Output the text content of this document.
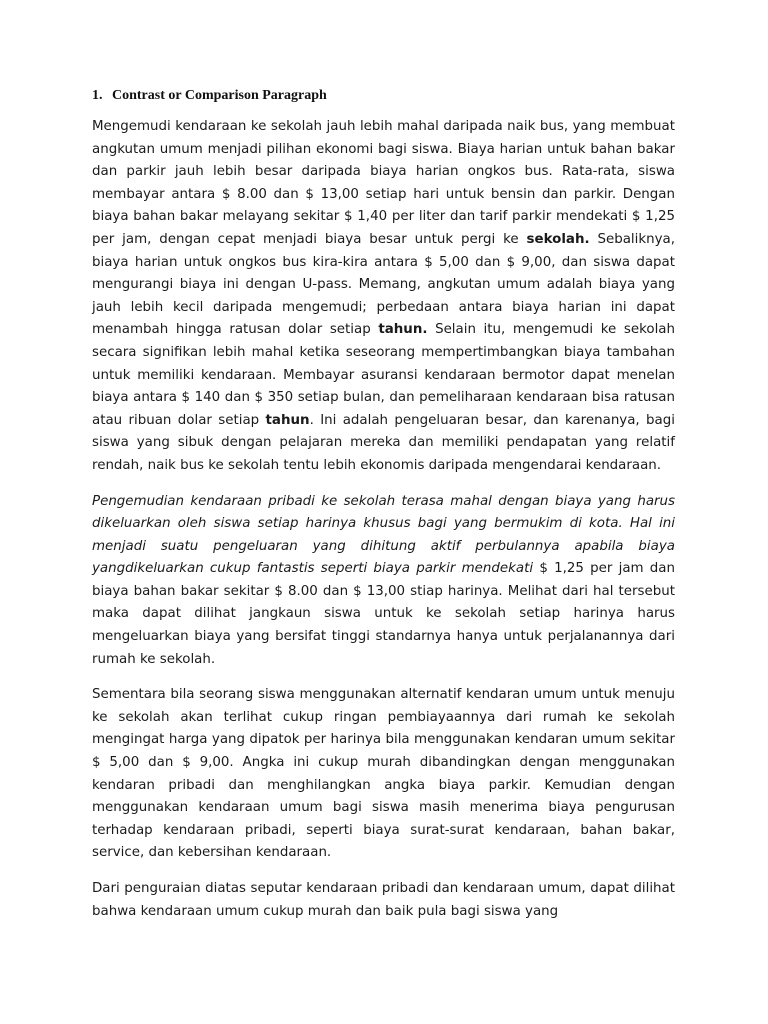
1. Contrast or Comparison Paragraph

Mengemudi kendaraan ke sekolah jauh lebih mahal daripada naik bus, yang membuat angkutan umum menjadi pilihan ekonomi bagi siswa. Biaya harian untuk bahan bakar dan parkir jauh lebih besar daripada biaya harian ongkos bus. Rata-rata, siswa membayar antara $ 8.00 dan $ 13,00 setiap hari untuk bensin dan parkir. Dengan biaya bahan bakar melayang sekitar $ 1,40 per liter dan tarif parkir mendekati $ 1,25 per jam, dengan cepat menjadi biaya besar untuk pergi ke sekolah. Sebaliknya, biaya harian untuk ongkos bus kira-kira antara $ 5,00 dan $ 9,00, dan siswa dapat mengurangi biaya ini dengan U-pass. Memang, angkutan umum adalah biaya yang jauh lebih kecil daripada mengemudi; perbedaan antara biaya harian ini dapat menambah hingga ratusan dolar setiap tahun. Selain itu, mengemudi ke sekolah secara signifikan lebih mahal ketika seseorang mempertimbangkan biaya tambahan untuk memiliki kendaraan. Membayar asuransi kendaraan bermotor dapat menelan biaya antara $ 140 dan $ 350 setiap bulan, dan pemeliharaan kendaraan bisa ratusan atau ribuan dolar setiap tahun. Ini adalah pengeluaran besar, dan karenanya, bagi siswa yang sibuk dengan pelajaran mereka dan memiliki pendapatan yang relatif rendah, naik bus ke sekolah tentu lebih ekonomis daripada mengendarai kendaraan.

Pengemudian kendaraan pribadi ke sekolah terasa mahal dengan biaya yang harus dikeluarkan oleh siswa setiap harinya khusus bagi yang bermukim di kota. Hal ini menjadi suatu pengeluaran yang dihitung aktif perbulannya apabila biaya yangdikeluarkan cukup fantastis seperti biaya parkir mendekati $ 1,25 per jam dan biaya bahan bakar sekitar $ 8.00 dan $ 13,00 stiap harinya. Melihat dari hal tersebut maka dapat dilihat jangkaun siswa untuk ke sekolah setiap harinya harus mengeluarkan biaya yang bersifat tinggi standarnya hanya untuk perjalanannya dari rumah ke sekolah.

Sementara bila seorang siswa menggunakan alternatif kendaran umum untuk menuju ke sekolah akan terlihat cukup ringan pembiayaannya dari rumah ke sekolah mengingat harga yang dipatok per harinya bila menggunakan kendaran umum sekitar $ 5,00 dan $ 9,00. Angka ini cukup murah dibandingkan dengan menggunakan kendaran pribadi dan menghilangkan angka biaya parkir. Kemudian dengan menggunakan kendaraan umum bagi siswa masih menerima biaya pengurusan terhadap kendaraan pribadi, seperti biaya surat-surat kendaraan, bahan bakar, service, dan kebersihan kendaraan.

Dari penguraian diatas seputar kendaraan pribadi dan kendaraan umum, dapat dilihat bahwa kendaraan umum cukup murah dan baik pula bagi siswa yang
